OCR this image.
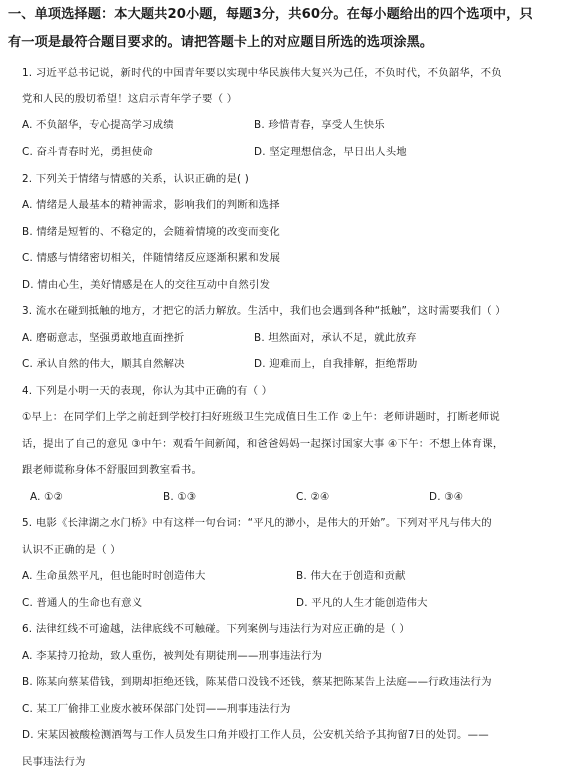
一、单项选择题：本大题共20小题，每题3分，共60分。在每小题给出的四个选项中，只
有一项是最符合题目要求的。请把答题卡上的对应题目所选的选项涂黑。
1. 习近平总书记说，新时代的中国青年要以实现中华民族伟大复兴为己任，不负时代，不负韶华，不负
党和人民的殷切希望！这启示青年学子要（ ）
A. 不负韶华，专心提高学习成绩	B. 珍惜青春，享受人生快乐
C. 奋斗青春时光，勇担使命	D. 坚定理想信念，早日出人头地
2. 下列关于情绪与情感的关系，认识正确的是( )
A. 情绪是人最基本的精神需求，影响我们的判断和选择
B. 情绪是短暂的、不稳定的，会随着情境的改变而变化
C. 情感与情绪密切相关，伴随情绪反应逐渐积累和发展
D. 情由心生，美好情感是在人的交往互动中自然引发
3. 流水在碰到抵触的地方，才把它的活力解放。生活中，我们也会遇到各种“抵触”，这时需要我们（ ）
A. 磨砺意志，坚强勇敢地直面挫折	B. 坦然面对，承认不足，就此放弃
C. 承认自然的伟大，顺其自然解决	D. 迎难而上，自我排解，拒绝帮助
4. 下列是小明一天的表现，你认为其中正确的有（ ）
①早上：在同学们上学之前赶到学校打扫好班级卫生完成值日生工作 ②上午：老师讲题时，打断老师说
话，提出了自己的意见 ③中午：观看午间新闻，和爸爸妈妈一起探讨国家大事 ④下午：不想上体育课，
跟老师谎称身体不舒服回到教室看书。
A. ①②	B. ①③	C. ②④	D. ③④
5. 电影《长津湖之水门桥》中有这样一句台词：“平凡的渺小，是伟大的开始”。下列对平凡与伟大的
认识不正确的是（ ）
A. 生命虽然平凡，但也能时时创造伟大	B. 伟大在于创造和贡献
C. 普通人的生命也有意义	D. 平凡的人生才能创造伟大
6. 法律红线不可逾越，法律底线不可触碰。下列案例与违法行为对应正确的是（ ）
A. 李某持刀抢劫，致人重伤，被判处有期徒刑——刑事违法行为
B. 陈某向蔡某借钱，到期却拒绝还钱，陈某借口没钱不还钱，蔡某把陈某告上法庭——行政违法行为
C. 某工厂偷排工业废水被环保部门处罚——刑事违法行为
D. 宋某因被酸检测酒驾与工作人员发生口角并殴打工作人员，公安机关给予其拘留7日的处罚。——
民事违法行为
